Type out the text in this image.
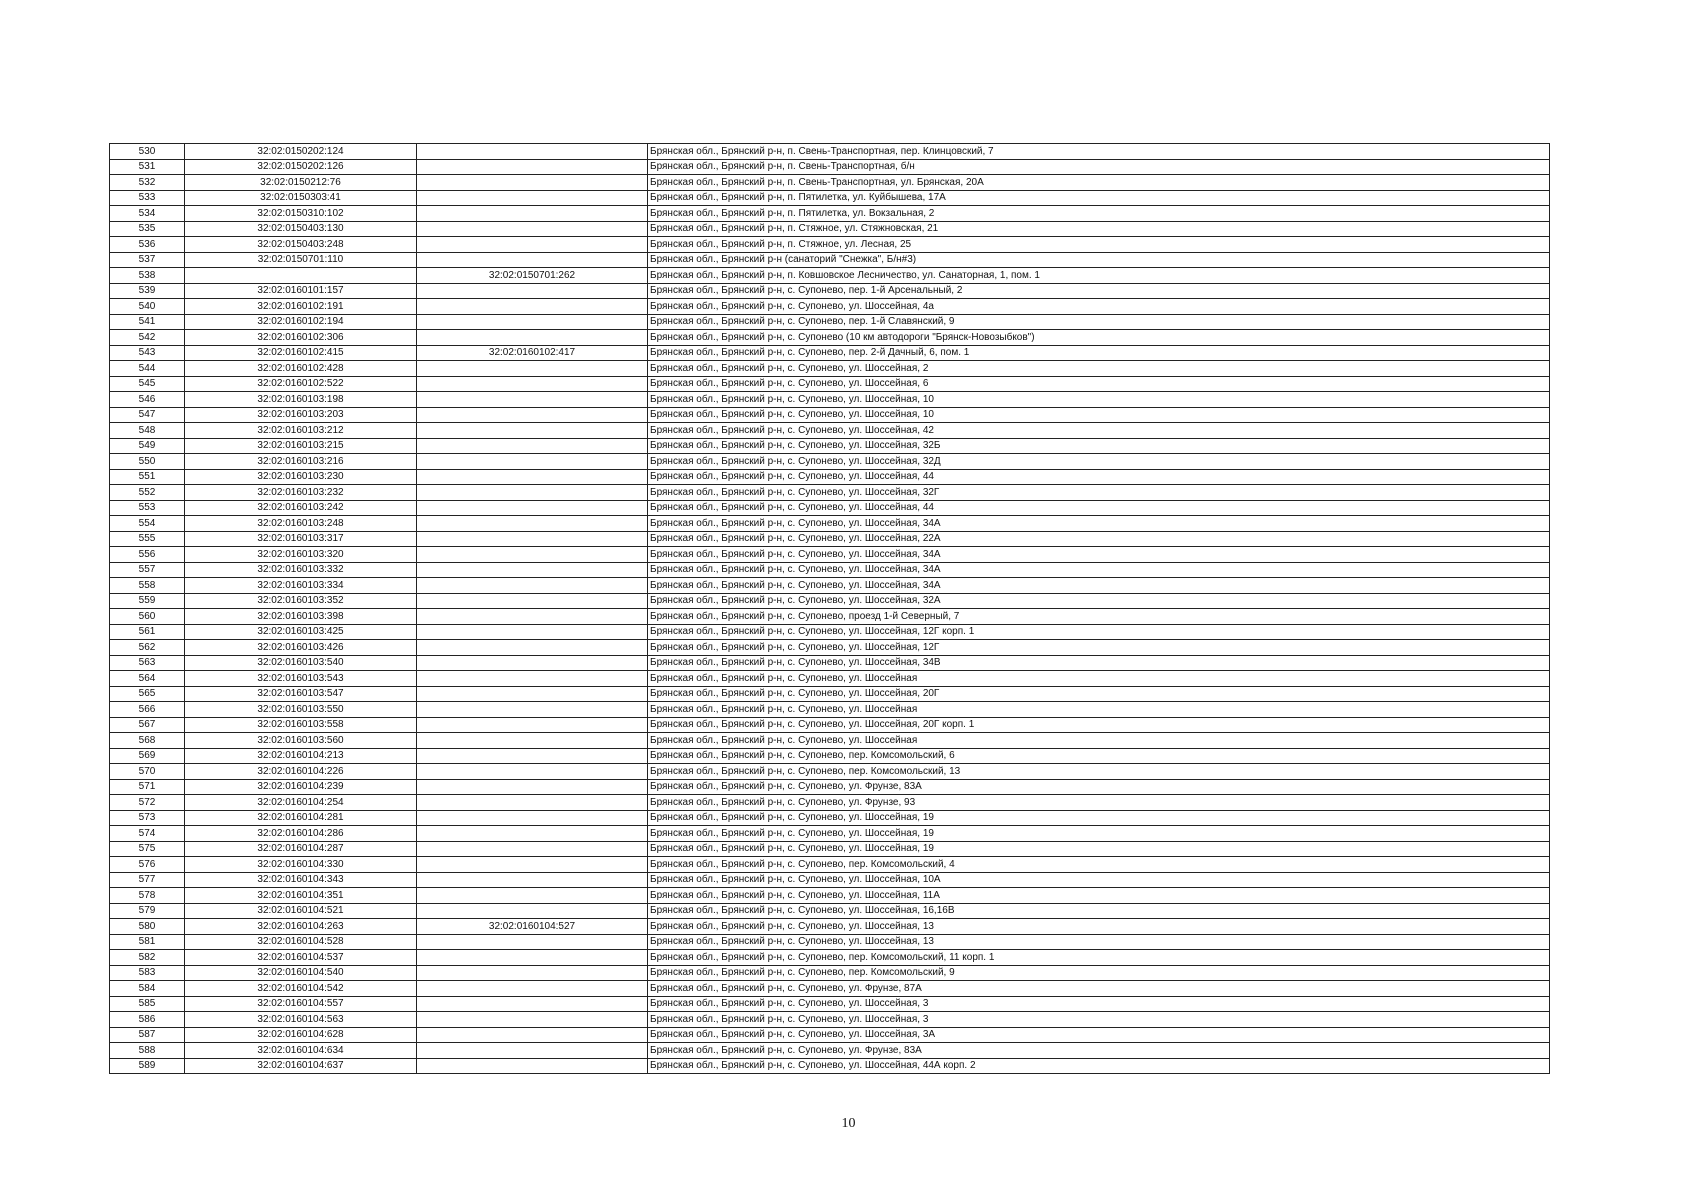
530	32:02:0150202:124		Брянская обл., Брянский р-н, п. Свень-Транспортная, пер. Клинцовский, 7
531	32:02:0150202:126		Брянская обл., Брянский р-н, п. Свень-Транспортная, б/н
532	32:02:0150212:76		Брянская обл., Брянский р-н, п. Свень-Транспортная, ул. Брянская, 20А
533	32:02:0150303:41		Брянская обл., Брянский р-н, п. Пятилетка, ул. Куйбышева, 17А
534	32:02:0150310:102		Брянская обл., Брянский р-н, п. Пятилетка, ул. Вокзальная, 2
535	32:02:0150403:130		Брянская обл., Брянский р-н, п. Стяжное, ул. Стяжновская, 21
536	32:02:0150403:248		Брянская обл., Брянский р-н, п. Стяжное, ул. Лесная, 25
537	32:02:0150701:110		Брянская обл., Брянский р-н (санаторий "Снежка", Б/н#3)
538		32:02:0150701:262	Брянская обл., Брянский р-н, п. Ковшовское Лесничество, ул. Санаторная, 1, пом. 1
539	32:02:0160101:157		Брянская обл., Брянский р-н, с. Супонево, пер. 1-й Арсенальный, 2
540	32:02:0160102:191		Брянская обл., Брянский р-н, с. Супонево, ул. Шоссейная, 4а
541	32:02:0160102:194		Брянская обл., Брянский р-н, с. Супонево, пер. 1-й Славянский, 9
542	32:02:0160102:306		Брянская обл., Брянский р-н, с. Супонево (10 км автодороги "Брянск-Новозыбков")
543	32:02:0160102:415	32:02:0160102:417	Брянская обл., Брянский р-н, с. Супонево, пер. 2-й Дачный, 6, пом. 1
544	32:02:0160102:428		Брянская обл., Брянский р-н, с. Супонево, ул. Шоссейная, 2
545	32:02:0160102:522		Брянская обл., Брянский р-н, с. Супонево, ул. Шоссейная, 6
546	32:02:0160103:198		Брянская обл., Брянский р-н, с. Супонево, ул. Шоссейная, 10
547	32:02:0160103:203		Брянская обл., Брянский р-н, с. Супонево, ул. Шоссейная, 10
548	32:02:0160103:212		Брянская обл., Брянский р-н, с. Супонево, ул. Шоссейная, 42
549	32:02:0160103:215		Брянская обл., Брянский р-н, с. Супонево, ул. Шоссейная, 32Б
550	32:02:0160103:216		Брянская обл., Брянский р-н, с. Супонево, ул. Шоссейная, 32Д
551	32:02:0160103:230		Брянская обл., Брянский р-н, с. Супонево, ул. Шоссейная, 44
552	32:02:0160103:232		Брянская обл., Брянский р-н, с. Супонево, ул. Шоссейная, 32Г
553	32:02:0160103:242		Брянская обл., Брянский р-н, с. Супонево, ул. Шоссейная, 44
554	32:02:0160103:248		Брянская обл., Брянский р-н, с. Супонево, ул. Шоссейная, 34А
555	32:02:0160103:317		Брянская обл., Брянский р-н, с. Супонево, ул. Шоссейная, 22А
556	32:02:0160103:320		Брянская обл., Брянский р-н, с. Супонево, ул. Шоссейная, 34А
557	32:02:0160103:332		Брянская обл., Брянский р-н, с. Супонево, ул. Шоссейная, 34А
558	32:02:0160103:334		Брянская обл., Брянский р-н, с. Супонево, ул. Шоссейная, 34А
559	32:02:0160103:352		Брянская обл., Брянский р-н, с. Супонево, ул. Шоссейная, 32А
560	32:02:0160103:398		Брянская обл., Брянский р-н, с. Супонево, проезд 1-й Северный, 7
561	32:02:0160103:425		Брянская обл., Брянский р-н, с. Супонево, ул. Шоссейная, 12Г корп. 1
562	32:02:0160103:426		Брянская обл., Брянский р-н, с. Супонево, ул. Шоссейная, 12Г
563	32:02:0160103:540		Брянская обл., Брянский р-н, с. Супонево, ул. Шоссейная, 34В
564	32:02:0160103:543		Брянская обл., Брянский р-н, с. Супонево, ул. Шоссейная
565	32:02:0160103:547		Брянская обл., Брянский р-н, с. Супонево, ул. Шоссейная, 20Г
566	32:02:0160103:550		Брянская обл., Брянский р-н, с. Супонево, ул. Шоссейная
567	32:02:0160103:558		Брянская обл., Брянский р-н, с. Супонево, ул. Шоссейная, 20Г корп. 1
568	32:02:0160103:560		Брянская обл., Брянский р-н, с. Супонево, ул. Шоссейная
569	32:02:0160104:213		Брянская обл., Брянский р-н, с. Супонево, пер. Комсомольский, 6
570	32:02:0160104:226		Брянская обл., Брянский р-н, с. Супонево, пер. Комсомольский, 13
571	32:02:0160104:239		Брянская обл., Брянский р-н, с. Супонево, ул. Фрунзе, 83А
572	32:02:0160104:254		Брянская обл., Брянский р-н, с. Супонево, ул. Фрунзе, 93
573	32:02:0160104:281		Брянская обл., Брянский р-н, с. Супонево, ул. Шоссейная, 19
574	32:02:0160104:286		Брянская обл., Брянский р-н, с. Супонево, ул. Шоссейная, 19
575	32:02:0160104:287		Брянская обл., Брянский р-н, с. Супонево, ул. Шоссейная, 19
576	32:02:0160104:330		Брянская обл., Брянский р-н, с. Супонево, пер. Комсомольский, 4
577	32:02:0160104:343		Брянская обл., Брянский р-н, с. Супонево, ул. Шоссейная, 10А
578	32:02:0160104:351		Брянская обл., Брянский р-н, с. Супонево, ул. Шоссейная, 11А
579	32:02:0160104:521		Брянская обл., Брянский р-н, с. Супонево, ул. Шоссейная, 16,16В
580	32:02:0160104:263	32:02:0160104:527	Брянская обл., Брянский р-н, с. Супонево, ул. Шоссейная, 13
581	32:02:0160104:528		Брянская обл., Брянский р-н, с. Супонево, ул. Шоссейная, 13
582	32:02:0160104:537		Брянская обл., Брянский р-н, с. Супонево, пер. Комсомольский, 11 корп. 1
583	32:02:0160104:540		Брянская обл., Брянский р-н, с. Супонево, пер. Комсомольский, 9
584	32:02:0160104:542		Брянская обл., Брянский р-н, с. Супонево, ул. Фрунзе, 87А
585	32:02:0160104:557		Брянская обл., Брянский р-н, с. Супонево, ул. Шоссейная, 3
586	32:02:0160104:563		Брянская обл., Брянский р-н, с. Супонево, ул. Шоссейная, 3
587	32:02:0160104:628		Брянская обл., Брянский р-н, с. Супонево, ул. Шоссейная, 3А
588	32:02:0160104:634		Брянская обл., Брянский р-н, с. Супонево, ул. Фрунзе, 83А
589	32:02:0160104:637		Брянская обл., Брянский р-н, с. Супонево, ул. Шоссейная, 44А корп. 2
10
